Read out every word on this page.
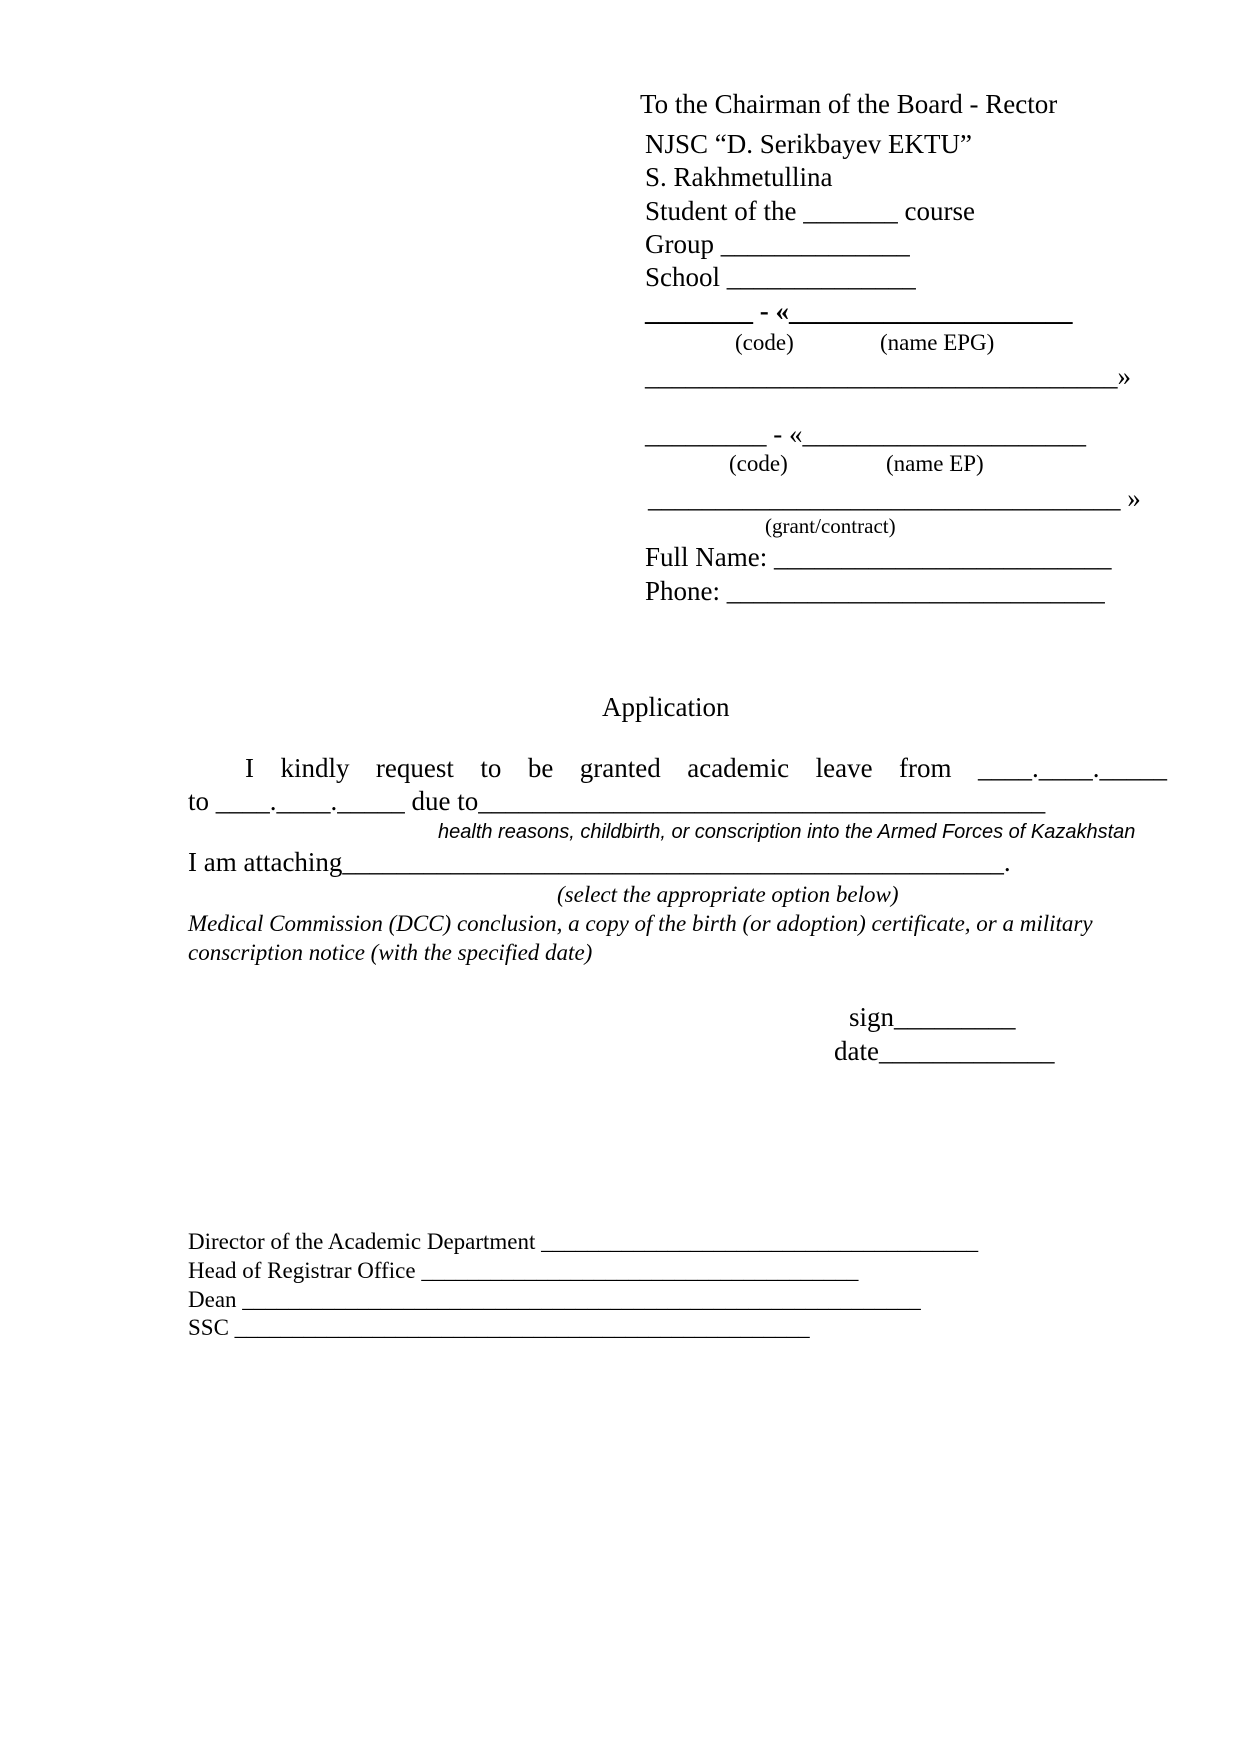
To the Chairman of the Board - Rector
NJSC “D. Serikbayev EKTU”
S. Rakhmetullina
Student of the _______ course
Group ______________
School ______________
________ - «_____________________
(code)	(name EPG)
___________________________________»
_________ - «_____________________
(code)	(name EP)
___________________________________ »
(grant/contract)
Full Name: _________________________
Phone: ____________________________
Application
I kindly request to be granted academic leave from ____.____._____
to ____.____._____ due to__________________________________________
health reasons, childbirth, or conscription into the Armed Forces of Kazakhstan
I am attaching_________________________________________________.
(select the appropriate option below)
Medical Commission (DCC) conclusion, a copy of the birth (or adoption) certificate, or a military
conscription notice (with the specified date)
sign_________
date_____________
Director of the Academic Department ______________________________________
Head of Registrar Office ______________________________________
Dean ___________________________________________________________
SSC __________________________________________________
